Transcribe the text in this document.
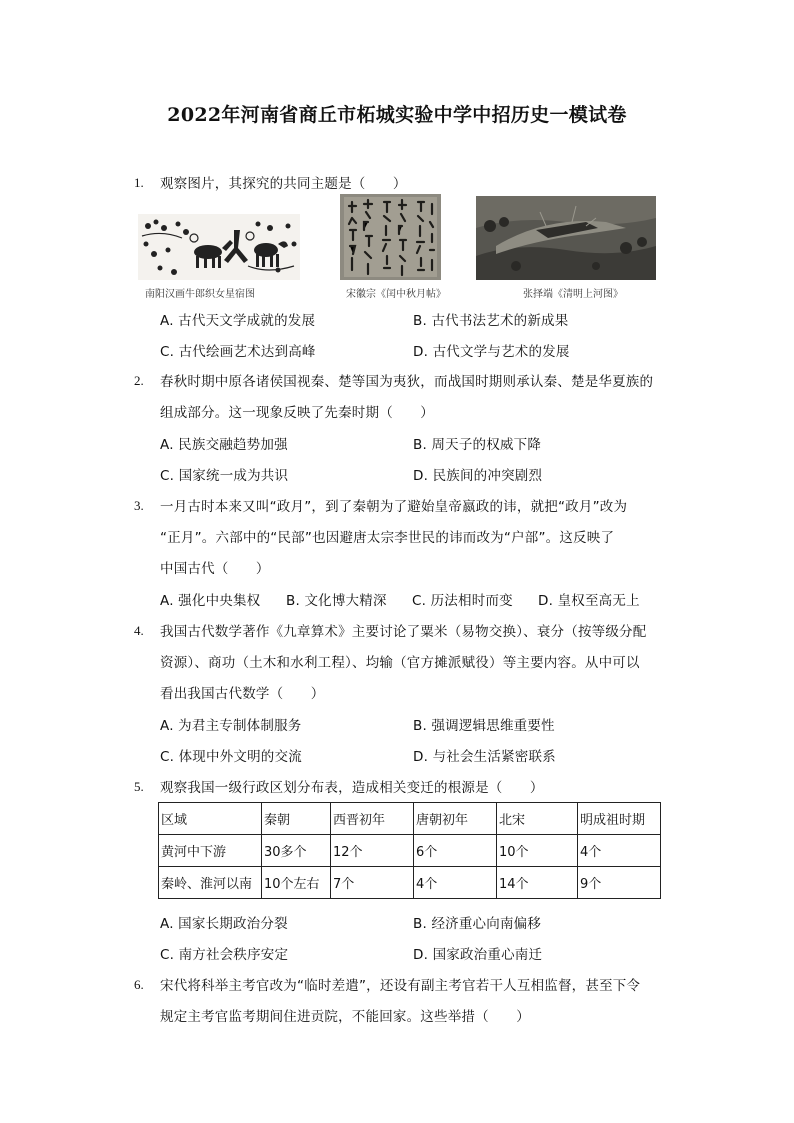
2022年河南省商丘市柘城实验中学中招历史一模试卷
1. 观察图片，其探究的共同主题是（　　）
南阳汉画牛郎织女星宿图	宋徽宗《闰中秋月帖》	张择端《清明上河图》
A. 古代天文学成就的发展	B. 古代书法艺术的新成果
C. 古代绘画艺术达到高峰	D. 古代文学与艺术的发展
2. 春秋时期中原各诸侯国视秦、楚等国为夷狄，而战国时期则承认秦、楚是华夏族的
组成部分。这一现象反映了先秦时期（　　）
A. 民族交融趋势加强	B. 周天子的权威下降
C. 国家统一成为共识	D. 民族间的冲突剧烈
3. 一月古时本来又叫“政月”，到了秦朝为了避始皇帝嬴政的讳，就把“政月”改为
“正月”。六部中的“民部”也因避唐太宗李世民的讳而改为“户部”。这反映了
中国古代（　　）
A. 强化中央集权 B. 文化博大精深 C. 历法相时而变 D. 皇权至高无上
4. 我国古代数学著作《九章算术》主要讨论了粟米（易物交换）、衰分（按等级分配
资源）、商功（土木和水利工程）、均输（官方摊派赋役）等主要内容。从中可以
看出我国古代数学（　　）
A. 为君主专制体制服务	B. 强调逻辑思维重要性
C. 体现中外文明的交流	D. 与社会生活紧密联系
5. 观察我国一级行政区划分布表，造成相关变迁的根源是（　　）
区域	秦朝	西晋初年	唐朝初年	北宋	明成祖时期
黄河中下游	30多个	12个	6个	10个	4个
秦岭、淮河以南	10个左右	7个	4个	14个	9个
A. 国家长期政治分裂	B. 经济重心向南偏移
C. 南方社会秩序安定	D. 国家政治重心南迁
6. 宋代将科举主考官改为“临时差遣”，还设有副主考官若干人互相监督，甚至下令
规定主考官监考期间住进贡院，不能回家。这些举措（　　）
